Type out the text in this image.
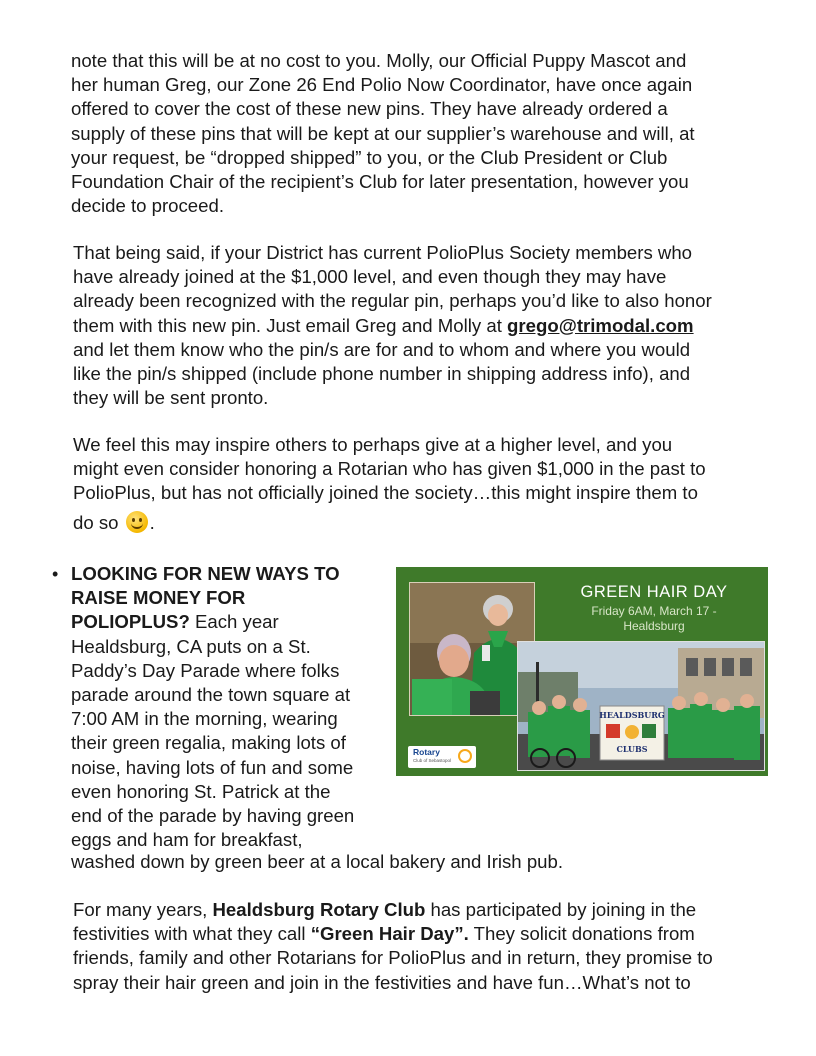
note that this will be at no cost to you. Molly, our Official Puppy Mascot and
her human Greg, our Zone 26 End Polio Now Coordinator, have once again
offered to cover the cost of these new pins. They have already ordered a
supply of these pins that will be kept at our supplier’s warehouse and will, at
your request, be “dropped shipped” to you, or the Club President or Club
Foundation Chair of the recipient’s Club for later presentation, however you
decide to proceed.

That being said, if your District has current PolioPlus Society members who
have already joined at the $1,000 level, and even though they may have
already been recognized with the regular pin, perhaps you’d like to also honor
them with this new pin. Just email Greg and Molly at grego@trimodal.com
and let them know who the pin/s are for and to whom and where you would
like the pin/s shipped (include phone number in shipping address info), and
they will be sent pronto.

We feel this may inspire others to perhaps give at a higher level, and you
might even consider honoring a Rotarian who has given $1,000 in the past to
PolioPlus, but has not officially joined the society…this might inspire them to
do so .

• LOOKING FOR NEW WAYS TO
RAISE MONEY FOR
POLIOPLUS? Each year
Healdsburg, CA puts on a St.
Paddy’s Day Parade where folks
parade around the town square at
7:00 AM in the morning, wearing
their green regalia, making lots of
noise, having lots of fun and some
even honoring St. Patrick at the
end of the parade by having green
eggs and ham for breakfast,

washed down by green beer at a local bakery and Irish pub.

GREEN HAIR DAY
Friday 6AM, March 17 -
Healdsburg
HEALDSBURG
CLUBS
Rotary
Club of Sebastopol

For many years, Healdsburg Rotary Club has participated by joining in the
festivities with what they call “Green Hair Day”. They solicit donations from
friends, family and other Rotarians for PolioPlus and in return, they promise to
spray their hair green and join in the festivities and have fun…What’s not to
